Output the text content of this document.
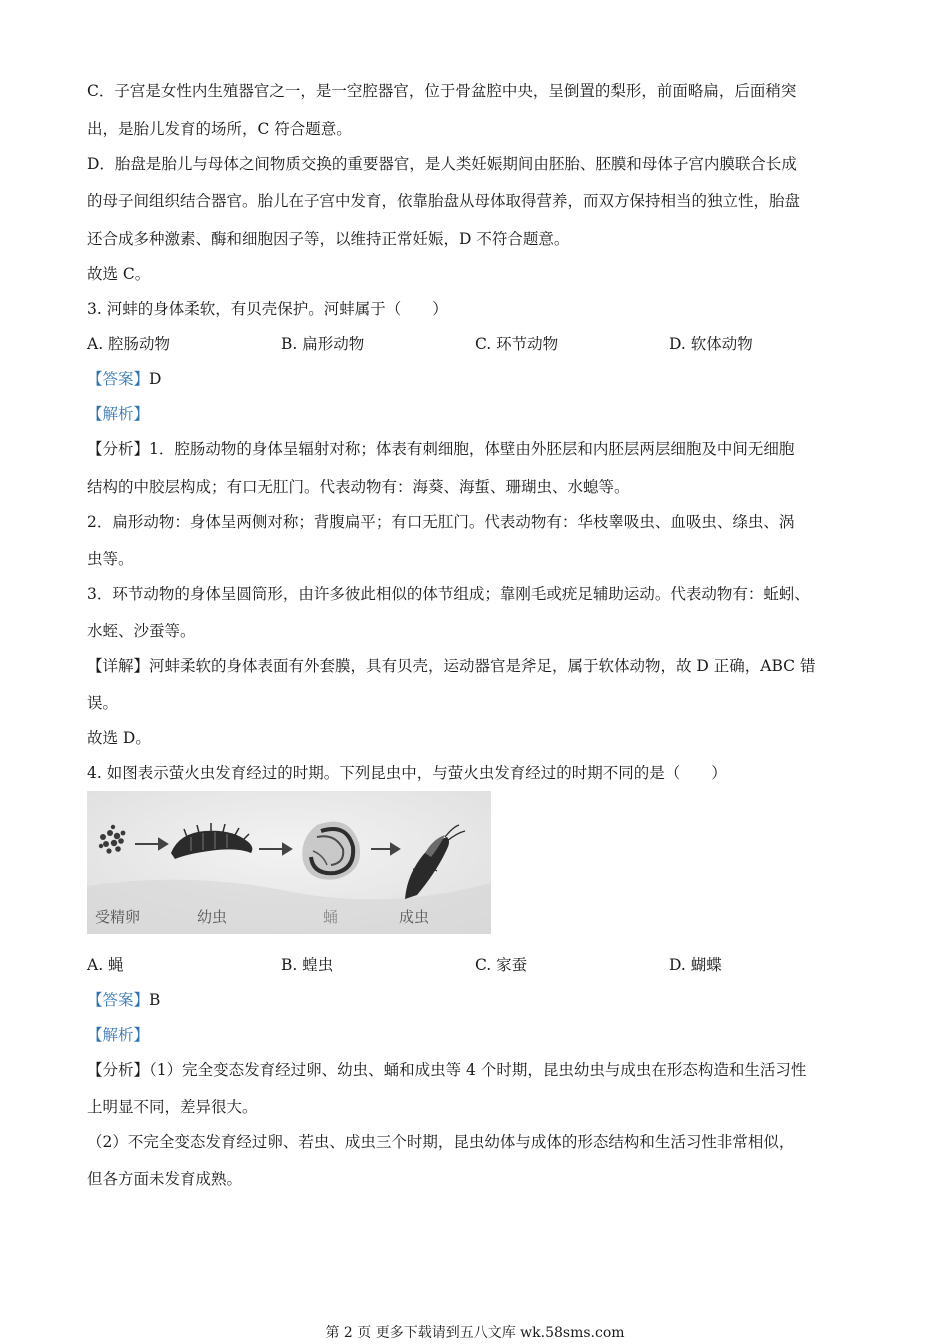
C．子宫是女性内生殖器官之一，是一空腔器官，位于骨盆腔中央，呈倒置的梨形，前面略扁，后面稍突
出，是胎儿发育的场所，C 符合题意。
D．胎盘是胎儿与母体之间物质交换的重要器官，是人类妊娠期间由胚胎、胚膜和母体子宫内膜联合长成
的母子间组织结合器官。胎儿在子宫中发育，依靠胎盘从母体取得营养，而双方保持相当的独立性，胎盘
还合成多种激素、酶和细胞因子等，以维持正常妊娠，D 不符合题意。
故选 C。
3. 河蚌的身体柔软，有贝壳保护。河蚌属于（　　）
A. 腔肠动物	B. 扁形动物	C. 环节动物	D. 软体动物
【答案】D
【解析】
【分析】1．腔肠动物的身体呈辐射对称；体表有刺细胞，体壁由外胚层和内胚层两层细胞及中间无细胞
结构的中胶层构成；有口无肛门。代表动物有：海葵、海蜇、珊瑚虫、水螅等。
2．扁形动物：身体呈两侧对称；背腹扁平；有口无肛门。代表动物有：华枝睾吸虫、血吸虫、绦虫、涡
虫等。
3．环节动物的身体呈圆筒形，由许多彼此相似的体节组成；靠刚毛或疣足辅助运动。代表动物有：蚯蚓、
水蛭、沙蚕等。
【详解】河蚌柔软的身体表面有外套膜，具有贝壳，运动器官是斧足，属于软体动物，故 D 正确，ABC 错
误。
故选 D。
4. 如图表示萤火虫发育经过的时期。下列昆虫中，与萤火虫发育经过的时期不同的是（　　）
受精卵	幼虫	蛹	成虫
A. 蝇	B. 蝗虫	C. 家蚕	D. 蝴蝶
【答案】B
【解析】
【分析】（1）完全变态发育经过卵、幼虫、蛹和成虫等 4 个时期，昆虫幼虫与成虫在形态构造和生活习性
上明显不同，差异很大。
（2）不完全变态发育经过卵、若虫、成虫三个时期，昆虫幼体与成体的形态结构和生活习性非常相似，
但各方面未发育成熟。
第 2 页 更多下载请到五八文库 wk.58sms.com
